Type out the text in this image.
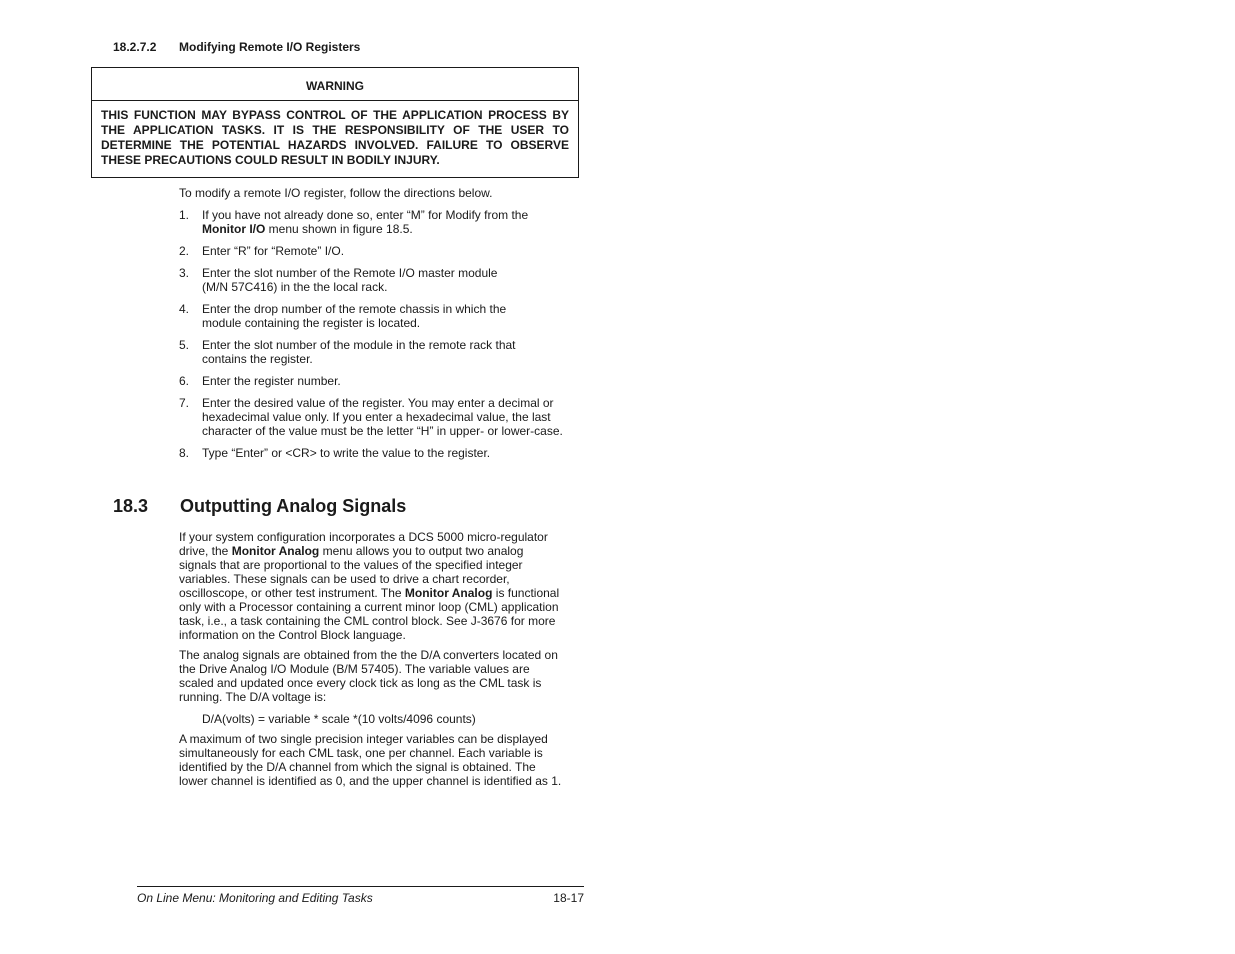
18.2.7.2 Modifying Remote I/O Registers
WARNING
THIS FUNCTION MAY BYPASS CONTROL OF THE APPLICATION PROCESS BY THE APPLICATION TASKS. IT IS THE RESPONSIBILITY OF THE USER TO DETERMINE THE POTENTIAL HAZARDS INVOLVED. FAILURE TO OBSERVE THESE PRECAUTIONS COULD RESULT IN BODILY INJURY.
To modify a remote I/O register, follow the directions below.
1. If you have not already done so, enter “M” for Modify from the Monitor I/O menu shown in figure 18.5.
2. Enter “R” for “Remote” I/O.
3. Enter the slot number of the Remote I/O master module (M/N 57C416) in the the local rack.
4. Enter the drop number of the remote chassis in which the module containing the register is located.
5. Enter the slot number of the module in the remote rack that contains the register.
6. Enter the register number.
7. Enter the desired value of the register. You may enter a decimal or hexadecimal value only. If you enter a hexadecimal value, the last character of the value must be the letter “H” in upper- or lower-case.
8. Type “Enter” or <CR> to write the value to the register.
18.3 Outputting Analog Signals
If your system configuration incorporates a DCS 5000 micro-regulator drive, the Monitor Analog menu allows you to output two analog signals that are proportional to the values of the specified integer variables. These signals can be used to drive a chart recorder, oscilloscope, or other test instrument. The Monitor Analog is functional only with a Processor containing a current minor loop (CML) application task, i.e., a task containing the CML control block. See J-3676 for more information on the Control Block language.
The analog signals are obtained from the the D/A converters located on the Drive Analog I/O Module (B/M 57405). The variable values are scaled and updated once every clock tick as long as the CML task is running. The D/A voltage is:
D/A(volts) = variable * scale *(10 volts/4096 counts)
A maximum of two single precision integer variables can be displayed simultaneously for each CML task, one per channel. Each variable is identified by the D/A channel from which the signal is obtained. The lower channel is identified as 0, and the upper channel is identified as 1.
On Line Menu: Monitoring and Editing Tasks	18-17
